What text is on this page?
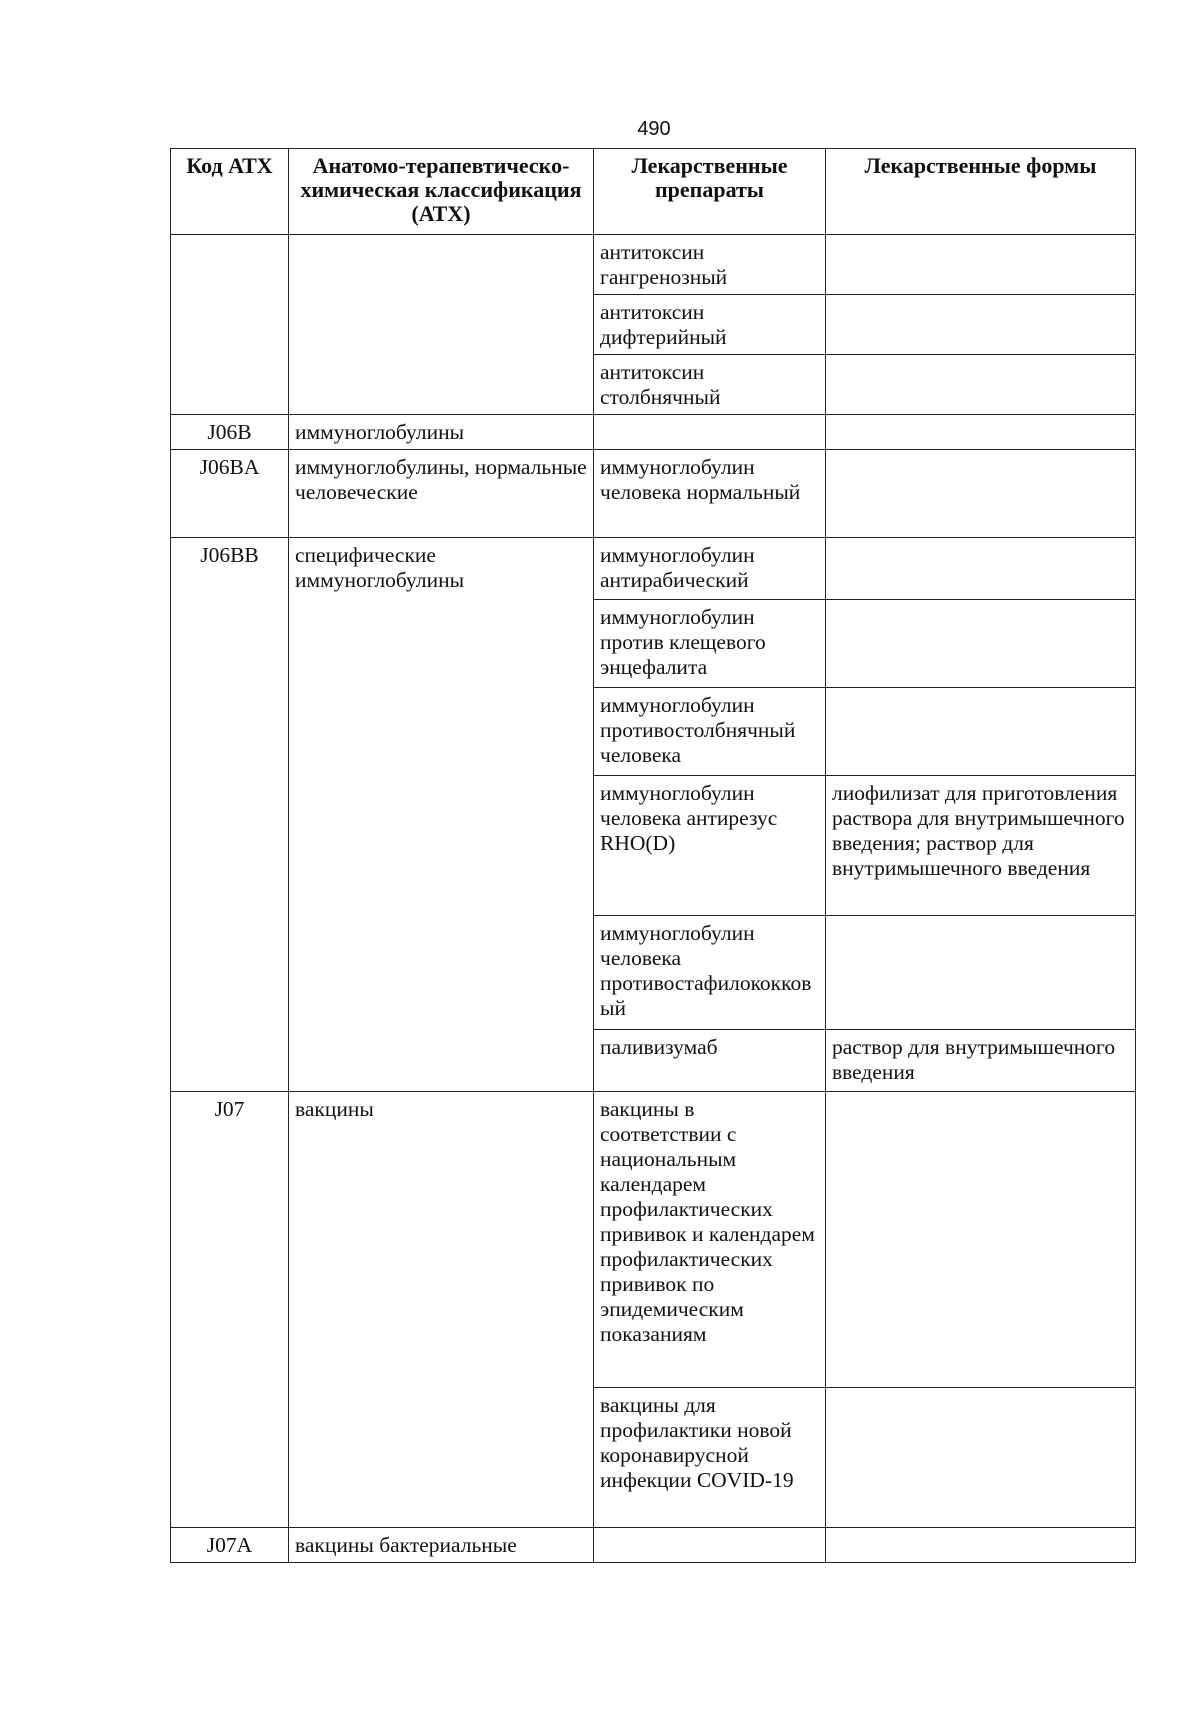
490
Код АТХ	Анатомо-терапевтическо-химическая классификация (АТХ)	Лекарственные препараты	Лекарственные формы
		антитоксин гангренозный	
		антитоксин дифтерийный	
		антитоксин столбнячный	
J06B	иммуноглобулины		
J06BA	иммуноглобулины, нормальные человеческие	иммуноглобулин человека нормальный	
J06BB	специфические иммуноглобулины	иммуноглобулин антирабический	
		иммуноглобулин против клещевого энцефалита	
		иммуноглобулин противостолбнячный человека	
		иммуноглобулин человека антирезус RHO(D)	лиофилизат для приготовления раствора для внутримышечного введения; раствор для внутримышечного введения
		иммуноглобулин человека противостафилококковый	
		паливизумаб	раствор для внутримышечного введения
J07	вакцины	вакцины в соответствии с национальным календарем профилактических прививок и календарем профилактических прививок по эпидемическим показаниям	
		вакцины для профилактики новой коронавирусной инфекции COVID-19	
J07A	вакцины бактериальные		
